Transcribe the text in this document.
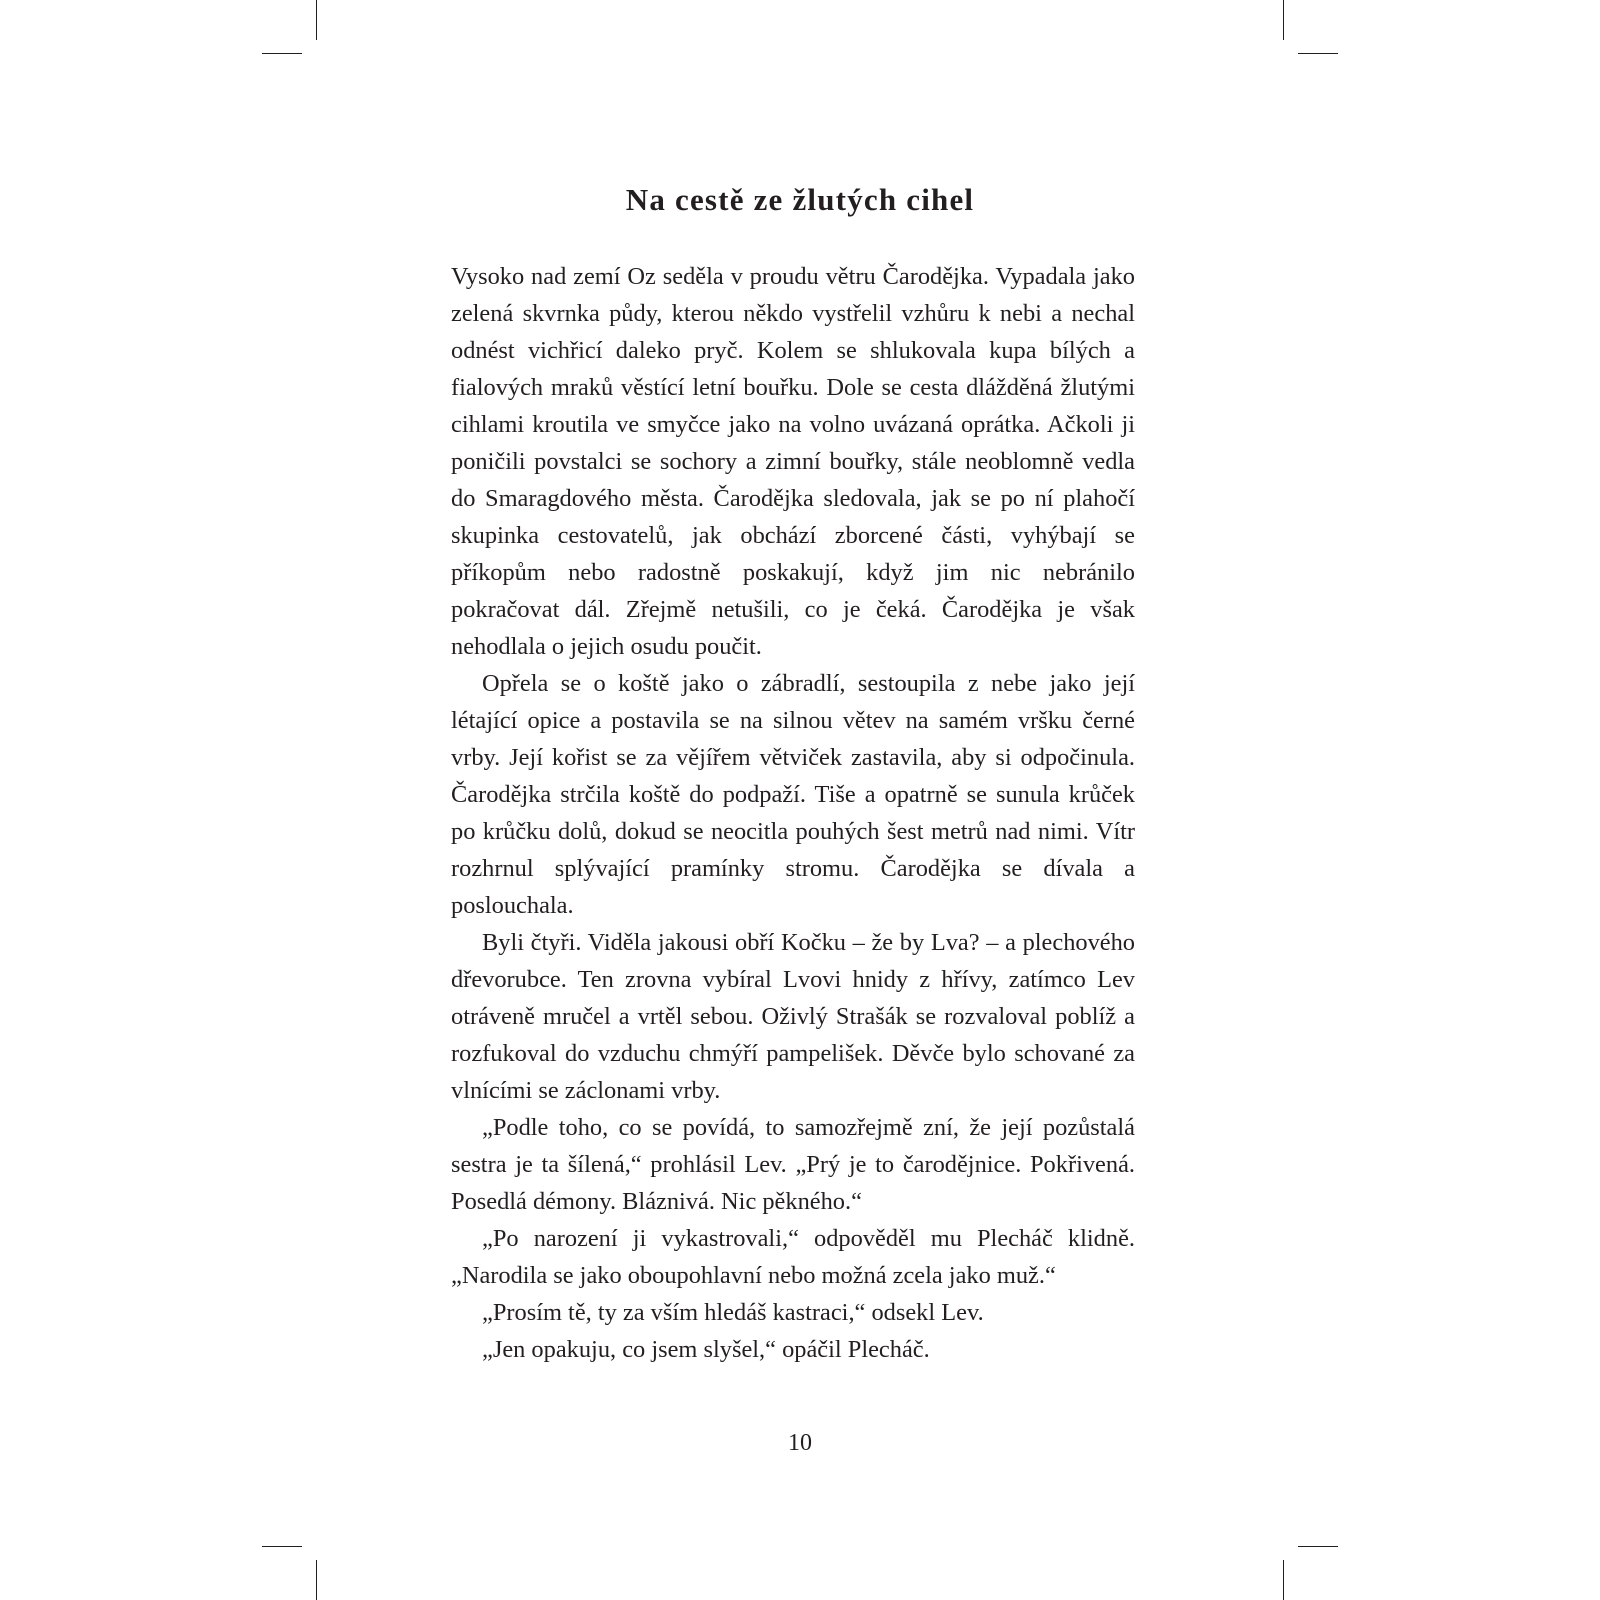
Na cestě ze žlutých cihel

Vysoko nad zemí Oz seděla v proudu větru Čarodějka. Vypadala jako zelená skvrnka půdy, kterou někdo vystřelil vzhůru k nebi a nechal odnést vichřicí daleko pryč. Kolem se shlukovala kupa bílých a fialových mraků věstící letní bouřku. Dole se cesta dlážděná žlutými cihlami kroutila ve smyčce jako na volno uvázaná oprátka. Ačkoli ji poničili povstalci se sochory a zimní bouřky, stále neoblomně vedla do Smaragdového města. Čarodějka sledovala, jak se po ní plahočí skupinka cestovatelů, jak obchází zborcené části, vyhýbají se příkopům nebo radostně poskakují, když jim nic nebránilo pokračovat dál. Zřejmě netušili, co je čeká. Čarodějka je však nehodlala o jejich osudu poučit.

Opřela se o koště jako o zábradlí, sestoupila z nebe jako její létající opice a postavila se na silnou větev na samém vršku černé vrby. Její kořist se za vějířem větviček zastavila, aby si odpočinula. Čarodějka strčila koště do podpaží. Tiše a opatrně se sunula krůček po krůčku dolů, dokud se neocitla pouhých šest metrů nad nimi. Vítr rozhrnul splývající pramínky stromu. Čarodějka se dívala a poslouchala.

Byli čtyři. Viděla jakousi obří Kočku – že by Lva? – a plechového dřevorubce. Ten zrovna vybíral Lvovi hnidy z hřívy, zatímco Lev otráveně mručel a vrtěl sebou. Oživlý Strašák se rozvaloval poblíž a rozfukoval do vzduchu chmýří pampelišek. Děvče bylo schované za vlnícími se záclonami vrby.

„Podle toho, co se povídá, to samozřejmě zní, že její pozůstalá sestra je ta šílená,“ prohlásil Lev. „Prý je to čarodějnice. Pokřivená. Posedlá démony. Bláznivá. Nic pěkného.“

„Po narození ji vykastrovali,“ odpověděl mu Plecháč klidně. „Narodila se jako oboupohlavní nebo možná zcela jako muž.“

„Prosím tě, ty za vším hledáš kastraci,“ odsekl Lev.

„Jen opakuju, co jsem slyšel,“ opáčil Plecháč.

10
